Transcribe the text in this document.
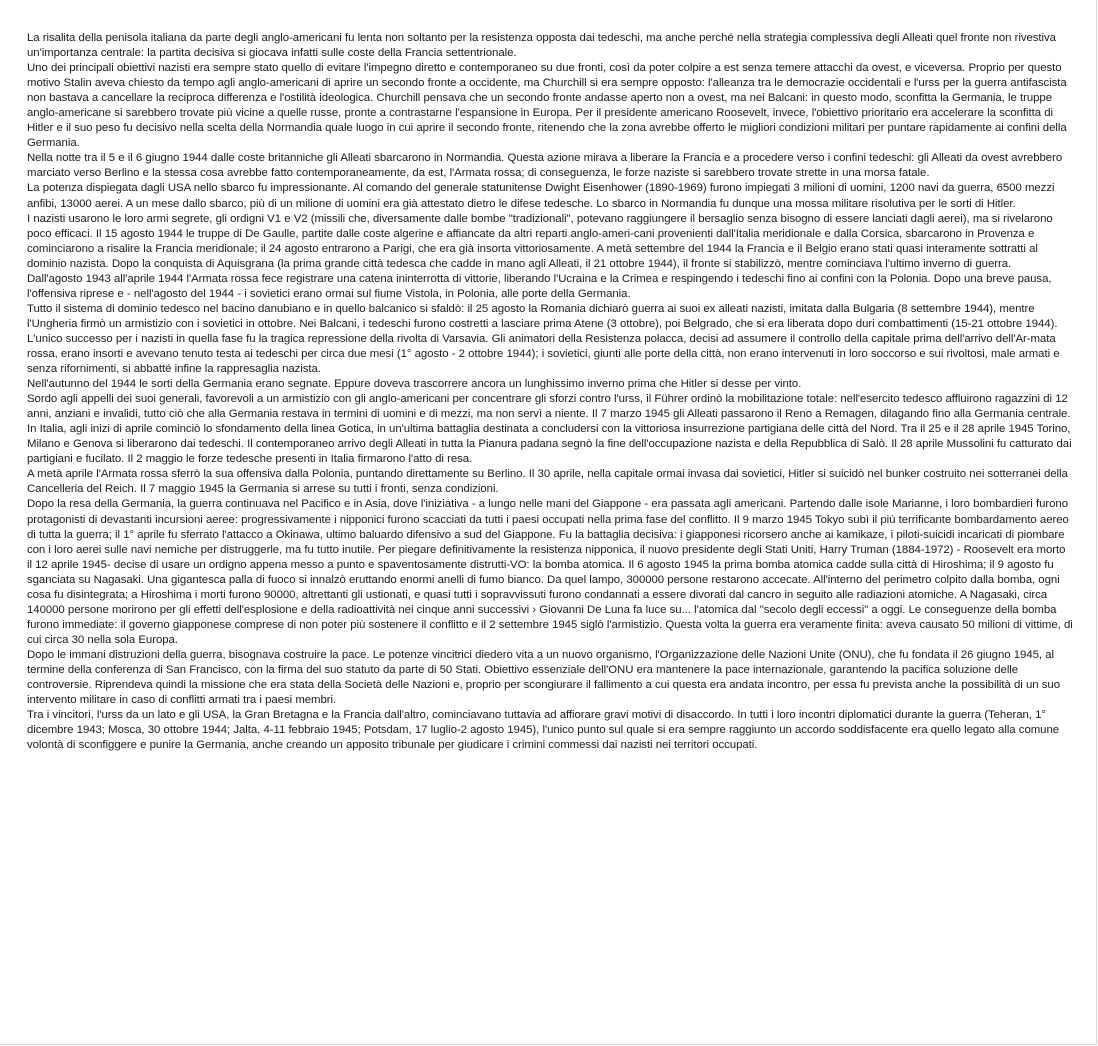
La risalita della penisola italiana da parte degli anglo-americani fu lenta non soltanto per la resistenza opposta dai tedeschi, ma anche perché nella strategia complessiva degli Alleati quel fronte non rivestiva un'importanza centrale: la partita decisiva si giocava infatti sulle coste della Francia settentrionale.

Uno dei principali obiettivi nazisti era sempre stato quello di evitare l'impegno diretto e contemporaneo su due fronti, così da poter colpire a est senza temere attacchi da ovest, e viceversa. Proprio per questo motivo Stalin aveva chiesto da tempo agli anglo-americani di aprire un secondo fronte a occidente, ma Churchill si era sempre opposto: l'alleanza tra le democrazie occidentali e l'urss per la guerra antifascista non bastava a cancellare la reciproca differenza e l'ostilità ideologica. Churchill pensava che un secondo fronte andasse aperto non a ovest, ma nei Balcani: in questo modo, sconfitta la Germania, le truppe anglo-americane si sarebbero trovate più vicine a quelle russe, pronte a contrastarne l'espansione in Europa. Per il presidente americano Roosevelt, invece, l'obiettivo prioritario era accelerare la sconfitta di Hitler e il suo peso fu decisivo nella scelta della Normandia quale luogo in cui aprire il secondo fronte, ritenendo che la zona avrebbe offerto le migliori condizioni militari per puntare rapidamente ai confini della Germania.

Nella notte tra il 5 e il 6 giugno 1944 dalle coste britanniche gli Alleati sbarcarono in Normandia. Questa azione mirava a liberare la Francia e a procedere verso i confini tedeschi: gli Alleati da ovest avrebbero marciato verso Berlino e la stessa cosa avrebbe fatto contemporaneamente, da est, l'Armata rossa; di conseguenza, le forze naziste si sarebbero trovate strette in una morsa fatale.

La potenza dispiegata dagli USA nello sbarco fu impressionante. Al comando del generale statunitense Dwight Eisenhower (1890-1969) furono impiegati 3 milioni di uomini, 1200 navi da guerra, 6500 mezzi anfibi, 13000 aerei. A un mese dallo sbarco, più di un milione di uomini era già attestato dietro le difese tedesche. Lo sbarco in Normandia fu dunque una mossa militare risolutiva per le sorti di Hitler.

I nazisti usarono le loro armi segrete, gli ordigni V1 e V2 (missili che, diversamente dalle bombe "tradizionali", potevano raggiungere il bersaglio senza bisogno di essere lanciati dagli aerei), ma si rivelarono poco efficaci. Il 15 agosto 1944 le truppe di De Gaulle, partite dalle coste algerine e affiancate da altri reparti anglo-ameri-cani provenienti dall'Italia meridionale e dalla Corsica, sbarcarono in Provenza e cominciarono a risalire la Francia meridionale; il 24 agosto entrarono a Parigi, che era già insorta vittoriosamente. A metà settembre del 1944 la Francia e il Belgio erano stati quasi interamente sottratti al dominio nazista. Dopo la conquista di Aquisgrana (la prima grande città tedesca che cadde in mano agli Alleati, il 21 ottobre 1944), il fronte si stabilizzò, mentre cominciava l'ultimo inverno di guerra.

Dall'agosto 1943 all'aprile 1944 l'Armata rossa fece registrare una catena ininterrotta di vittorie, liberando l'Ucraina e la Crimea e respingendo i tedeschi fino ai confini con la Polonia. Dopo una breve pausa, l'offensiva riprese e - nell'agosto del 1944 - i sovietici erano ormai sul fiume Vistola, in Polonia, alle porte della Germania.

Tutto il sistema di dominio tedesco nel bacino danubiano e in quello balcanico si sfaldò: il 25 agosto la Romania dichiarò guerra ai suoi ex alleati nazisti, imitata dalla Bulgaria (8 settembre 1944), mentre l'Ungheria firmò un armistizio con i sovietici in ottobre. Nei Balcani, i tedeschi furono costretti a lasciare prima Atene (3 ottobre), poi Belgrado, che si era liberata dopo duri combattimenti (15-21 ottobre 1944). L'unico successo per i nazisti in quella fase fu la tragica repressione della rivolta di Varsavia. Gli animatori della Resistenza polacca, decisi ad assumere il controllo della capitale prima dell'arrivo dell'Ar-mata rossa, erano insorti e avevano tenuto testa ai tedeschi per circa due mesi (1° agosto - 2 ottobre 1944); i sovietici, giunti alle porte della città, non erano intervenuti in loro soccorso e sui rivoltosi, male armati e senza rifornimenti, si abbatté infine la rappresaglia nazista.

Nell'autunno del 1944 le sorti della Germania erano segnate. Eppure doveva trascorrere ancora un lunghissimo inverno prima che Hitler si desse per vinto.

Sordo agli appelli dei suoi generali, favorevoli a un armistizio con gli anglo-americani per concentrare gli sforzi contro l'urss, il Führer ordinò la mobilitazione totale: nell'esercito tedesco affluirono ragazzini di 12 anni, anziani e invalidi, tutto ciò che alla Germania restava in termini di uomini e di mezzi, ma non servì a niente. Il 7 marzo 1945 gli Alleati passarono il Reno a Remagen, dilagando fino alla Germania centrale.

In Italia, agli inizi di aprile cominciò lo sfondamento della linea Gotica, in un'ultima battaglia destinata a concludersi con la vittoriosa insurrezione partigiana delle città del Nord. Tra il 25 e il 28 aprile 1945 Torino, Milano e Genova si liberarono dai tedeschi. Il contemporaneo arrivo degli Alleati in tutta la Pianura padana segnò la fine dell'occupazione nazista e della Repubblica di Salò. Il 28 aprile Mussolini fu catturato dai partigiani e fucilato. Il 2 maggio le forze tedesche presenti in Italia firmarono l'atto di resa.

A metà aprile l'Armata rossa sferrò la sua offensiva dalla Polonia, puntando direttamente su Berlino. Il 30 aprile, nella capitale ormai invasa dai sovietici, Hitler si suicidò nel bunker costruito nei sotterranei della Cancelleria del Reich. Il 7 maggio 1945 la Germania si arrese su tutti i fronti, senza condizioni.

Dopo la resa della Germania, la guerra continuava nel Pacifico e in Asia, dove l'iniziativa - a lungo nelle mani del Giappone - era passata agli americani. Partendo dalle isole Marianne, i loro bombardieri furono protagonisti di devastanti incursioni aeree: progressivamente i nipponici furono scacciati da tutti i paesi occupati nella prima fase del conflitto. Il 9 marzo 1945 Tokyo subì il più terrificante bombardamento aereo di tutta la guerra; il 1° aprile fu sferrato l'attacco a Okinawa, ultimo baluardo difensivo a sud del Giappone. Fu la battaglia decisiva: i giapponesi ricorsero anche ai kamikaze, i piloti-suicidi incaricati di piombare con i loro aerei sulle navi nemiche per distruggerle, ma fu tutto inutile. Per piegare definitivamente la resistenza nipponica, il nuovo presidente degli Stati Uniti, Harry Truman (1884-1972) - Roosevelt era morto il 12 aprile 1945- decise di usare un ordigno appena messo a punto e spaventosamente distrutti-VO: la bomba atomica. Il 6 agosto 1945 la prima bomba atomica cadde sulla città di Hiroshima; il 9 agosto fu sganciata su Nagasaki. Una gigantesca palla di fuoco si innalzò eruttando enormi anelli di fumo bianco. Da quel lampo, 300000 persone restarono accecate. All'interno del perimetro colpito dalla bomba, ogni cosa fu disintegrata; a Hiroshima i morti furono 90000, altrettanti gli ustionati, e quasi tutti i sopravvissuti furono condannati a essere divorati dal cancro in seguito alle radiazioni atomiche. A Nagasaki, circa 140000 persone morirono per gli effetti dell'esplosione e della radioattività nei cinque anni successivi › Giovanni De Luna fa luce su... l'atomica dal "secolo degli eccessi" a oggi. Le conseguenze della bomba furono immediate: il governo giapponese comprese di non poter più sostenere il conflitto e il 2 settembre 1945 siglò l'armistizio. Questa volta la guerra era veramente finita: aveva causato 50 milioni di vittime, di cui circa 30 nella sola Europa.

Dopo le immani distruzioni della guerra, bisognava costruire la pace. Le potenze vincitrici diedero vita a un nuovo organismo, l'Organizzazione delle Nazioni Unite (ONU), che fu fondata il 26 giugno 1945, al termine della conferenza di San Francisco, con la firma del suo statuto da parte di 50 Stati. Obiettivo essenziale dell'ONU era mantenere la pace internazionale, garantendo la pacifica soluzione delle controversie. Riprendeva quindi la missione che era stata della Società delle Nazioni e, proprio per scongiurare il fallimento a cui questa era andata incontro, per essa fu prevista anche la possibilità di un suo intervento militare in caso di conflitti armati tra i paesi membri.

Tra i vincitori, l'urss da un lato e gli USA, la Gran Bretagna e la Francia dall'altro, cominciavano tuttavia ad affiorare gravi motivi di disaccordo. In tutti i loro incontri diplomatici durante la guerra (Teheran, 1° dicembre 1943; Mosca, 30 ottobre 1944; Jalta, 4-11 febbraio 1945; Potsdam, 17 luglio-2 agosto 1945), l'unico punto sul quale si era sempre raggiunto un accordo soddisfacente era quello legato alla comune volontà di sconfiggere e punire la Germania, anche creando un apposito tribunale per giudicare i crimini commessi dai nazisti nei territori occupati.
